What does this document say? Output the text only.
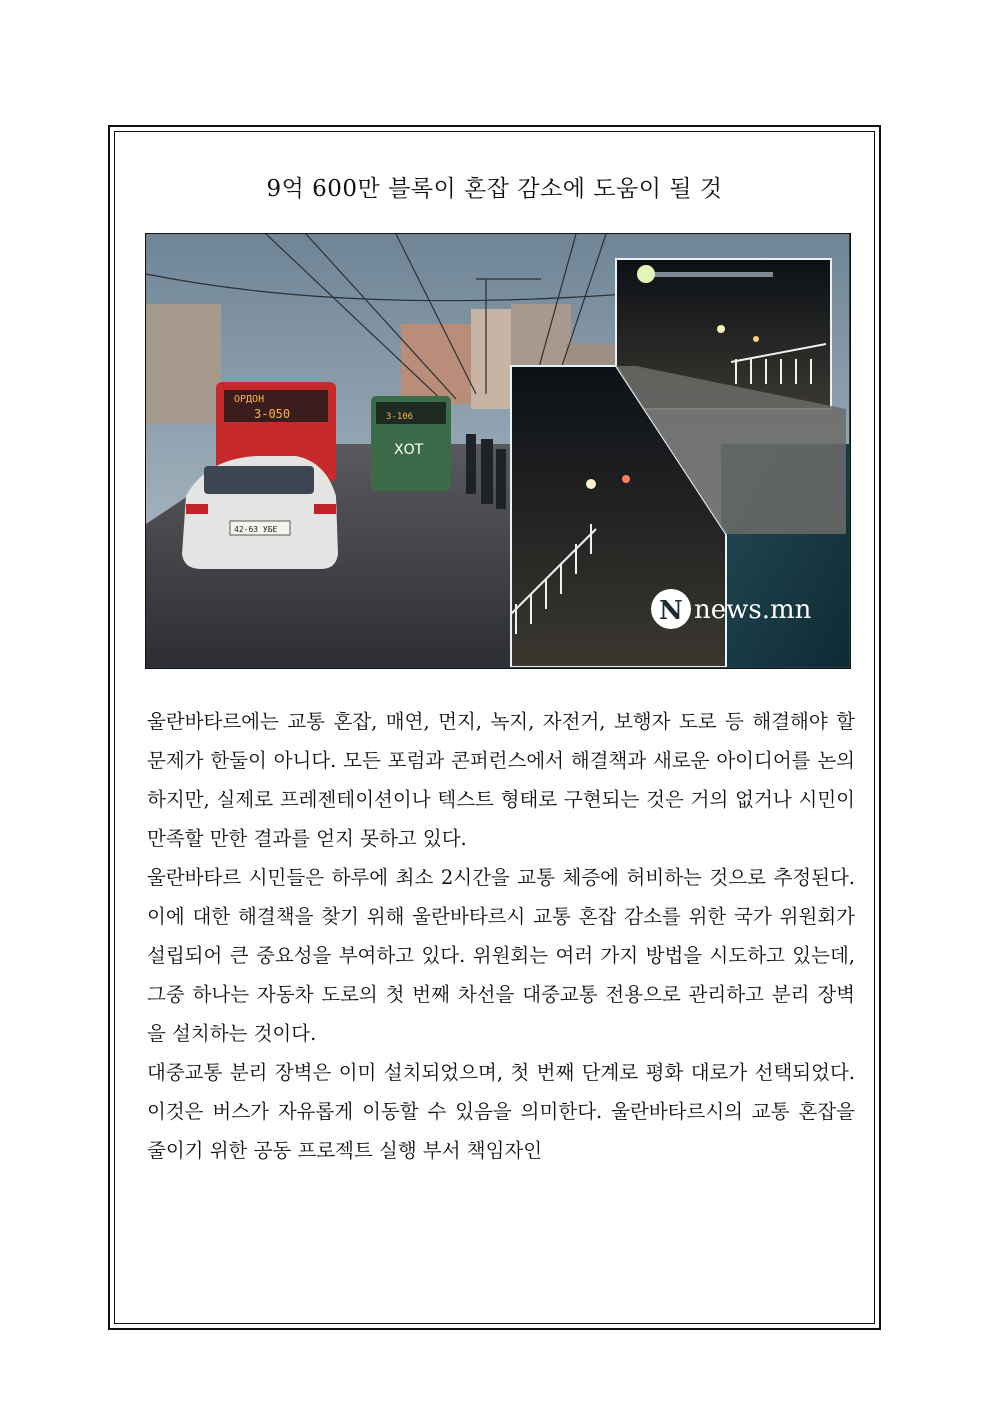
9억 600만 블록이 혼잡 감소에 도움이 될 것
ОРДОН
3-050	3-106
ХОТ
42-63 УБЕ
N news.mn

울란바타르에는 교통 혼잡, 매연, 먼지, 녹지, 자전거, 보행자 도로 등 해결해야 할 문제가 한둘이 아니다. 모든 포럼과 콘퍼런스에서 해결책과 새로운 아이디어를 논의하지만, 실제로 프레젠테이션이나 텍스트 형태로 구현되는 것은 거의 없거나 시민이 만족할 만한 결과를 얻지 못하고 있다.

울란바타르 시민들은 하루에 최소 2시간을 교통 체증에 허비하는 것으로 추정된다. 이에 대한 해결책을 찾기 위해 울란바타르시 교통 혼잡 감소를 위한 국가 위원회가 설립되어 큰 중요성을 부여하고 있다. 위원회는 여러 가지 방법을 시도하고 있는데, 그중 하나는 자동차 도로의 첫 번째 차선을 대중교통 전용으로 관리하고 분리 장벽을 설치하는 것이다.

대중교통 분리 장벽은 이미 설치되었으며, 첫 번째 단계로 평화 대로가 선택되었다. 이것은 버스가 자유롭게 이동할 수 있음을 의미한다. 울란바타르시의 교통 혼잡을 줄이기 위한 공동 프로젝트 실행 부서 책임자인
